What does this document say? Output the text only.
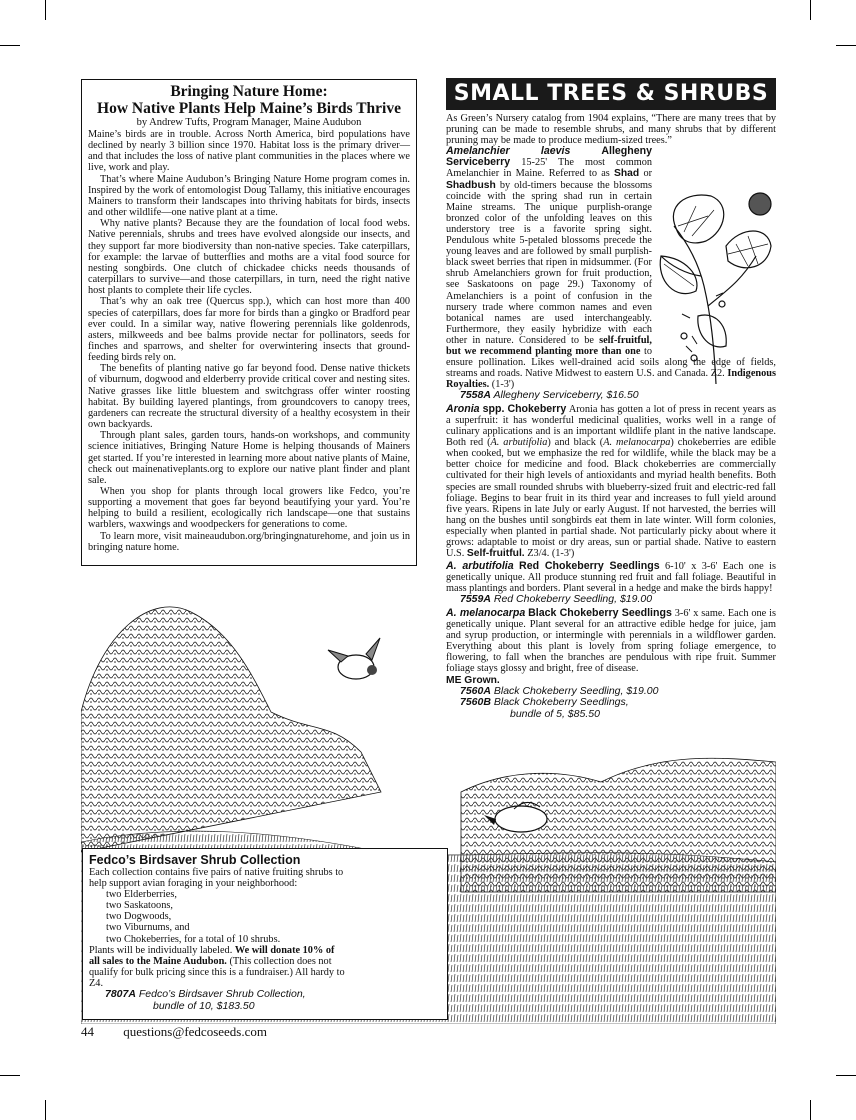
Bringing Nature Home:
How Native Plants Help Maine’s Birds Thrive
by Andrew Tufts, Program Manager, Maine Audubon

Maine’s birds are in trouble. Across North America, bird populations have declined by nearly 3 billion since 1970. Habitat loss is the primary driver—and that includes the loss of native plant communities in the places where we live, work and play.

That’s where Maine Audubon’s Bringing Nature Home program comes in. Inspired by the work of entomologist Doug Tallamy, this initiative encourages Mainers to transform their landscapes into thriving habitats for birds, insects and other wildlife—one native plant at a time.

Why native plants? Because they are the foundation of local food webs. Native perennials, shrubs and trees have evolved alongside our insects, and they support far more biodiversity than non-native species. Take caterpillars, for example: the larvae of butterflies and moths are a vital food source for nesting songbirds. One clutch of chickadee chicks needs thousands of caterpillars to survive—and those caterpillars, in turn, need the right native host plants to complete their life cycles.

That’s why an oak tree (Quercus spp.), which can host more than 400 species of caterpillars, does far more for birds than a gingko or Bradford pear ever could. In a similar way, native flowering perennials like goldenrods, asters, milkweeds and bee balms provide nectar for pollinators, seeds for finches and sparrows, and shelter for overwintering insects that ground-feeding birds rely on.

The benefits of planting native go far beyond food. Dense native thickets of viburnum, dogwood and elderberry provide critical cover and nesting sites. Native grasses like little bluestem and switchgrass offer winter roosting habitat. By building layered plantings, from groundcovers to canopy trees, gardeners can recreate the structural diversity of a healthy ecosystem in their own backyards.

Through plant sales, garden tours, hands-on workshops, and community science initiatives, Bringing Nature Home is helping thousands of Mainers get started. If you’re interested in learning more about native plants of Maine, check out mainenativeplants.org to explore our native plant finder and plant sale.

When you shop for plants through local growers like Fedco, you’re supporting a movement that goes far beyond beautifying your yard. You’re helping to build a resilient, ecologically rich landscape—one that sustains warblers, waxwings and woodpeckers for generations to come.

To learn more, visit maineaudubon.org/bringingnaturehome, and join us in bringing nature home.

SMALL TREES & SHRUBS

As Green’s Nursery catalog from 1904 explains, “There are many trees that by pruning can be made to resemble shrubs, and many shrubs that by different pruning may be made to produce medium-sized trees.”

Amelanchier laevis	Allegheny Serviceberry 15-25' The most common Amelanchier in Maine. Referred to as Shad or Shadbush by old-timers because the blossoms coincide with the spring shad run in certain Maine streams. The unique purplish-orange bronzed color of the unfolding leaves on this understory tree is a favorite spring sight. Pendulous white 5-petaled blossoms precede the young leaves and are followed by small purplish-black sweet berries that ripen in midsummer. (For shrub Amelanchiers grown for fruit production, see Saskatoons on page 29.) Taxonomy of Amelanchiers is a point of confusion in the nursery trade where common names and even botanical names are used interchangeably. Furthermore, they easily hybridize with each other in nature. Considered to be self-fruitful, but we recommend planting more than one to ensure pollination. Likes well-drained acid soils along the edge of fields, streams and roads. Native Midwest to eastern U.S. and Canada. Z2. Indigenous Royalties. (1-3')
7558A Allegheny Serviceberry, $16.50
Aronia spp. Chokeberry Aronia has gotten a lot of press in recent years as a superfruit: it has wonderful medicinal qualities, works well in a range of culinary applications and is an important wildlife plant in the native landscape. Both red (A. arbutifolia) and black (A. melanocarpa) chokeberries are edible when cooked, but we emphasize the red for wildlife, while the black may be a better choice for medicine and food. Black chokeberries are commercially cultivated for their high levels of antioxidants and myriad health benefits. Both species are small rounded shrubs with blueberry-sized fruit and electric-red fall foliage. Begins to bear fruit in its third year and increases to full yield around five years. Ripens in late July or early August. If not harvested, the berries will hang on the bushes until songbirds eat them in late winter. Will form colonies, especially when planted in partial shade. Not particularly picky about where it grows: adaptable to moist or dry areas, sun or partial shade. Native to eastern U.S. Self-fruitful. Z3/4. (1-3')
A. arbutifolia Red Chokeberry Seedlings 6-10' x 3-6' Each one is genetically unique. All produce stunning red fruit and fall foliage. Beautiful in mass plantings and borders. Plant several in a hedge and make the birds happy!
7559A Red Chokeberry Seedling, $19.00
A. melanocarpa Black Chokeberry Seedlings 3-6' x same. Each one is genetically unique. Plant several for an attractive edible hedge for juice, jam and syrup production, or intermingle with perennials in a wildflower garden. Everything about this plant is lovely from spring foliage emergence, to flowering, to fall when the branches are pendulous with ripe fruit. Summer foliage stays glossy and bright, free of disease.
ME Grown.
7560A Black Chokeberry Seedling, $19.00
7560B Black Chokeberry Seedlings,
bundle of 5, $85.50
Fedco’s Birdsaver Shrub Collection
Each collection contains five pairs of native fruiting shrubs to help support avian foraging in your neighborhood:
two Elderberries,
two Saskatoons,
two Dogwoods,
two Viburnums, and
two Chokeberries, for a total of 10 shrubs.
Plants will be individually labeled. We will donate 10% of all sales to the Maine Audubon. (This collection does not qualify for bulk pricing since this is a fundraiser.) All hardy to Z4.
7807A Fedco’s Birdsaver Shrub Collection,
bundle of 10, $183.50
44 questions@fedcoseeds.com
